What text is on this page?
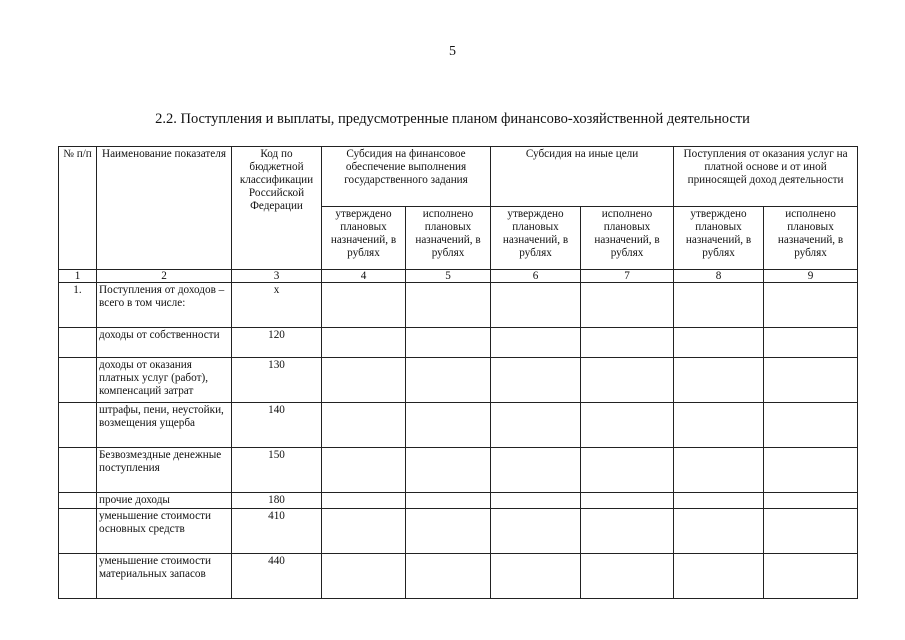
5
2.2. Поступления и выплаты, предусмотренные планом финансово-хозяйственной деятельности
№ п/п	Наименование показателя	Код по бюджетной классификации Российской Федерации	Субсидия на финансовое обеспечение выполнения государственного задания		Субсидия на иные цели		Поступления от оказания услуг на платной основе и от иной приносящей доход деятельности	
			утверждено плановых назначений, в рублях	исполнено плановых назначений, в рублях	утверждено плановых назначений, в рублях	исполнено плановых назначений, в рублях	утверждено плановых назначений, в рублях	исполнено плановых назначений, в рублях
1	2	3	4	5	6	7	8	9
1.	Поступления от доходов – всего в том числе:	х						
	доходы от собственности	120						
	доходы от оказания платных услуг (работ), компенсаций затрат	130						
	штрафы, пени, неустойки, возмещения ущерба	140						
	Безвозмездные денежные поступления	150						
	прочие доходы	180						
	уменьшение стоимости основных средств	410						
	уменьшение стоимости материальных запасов	440						
